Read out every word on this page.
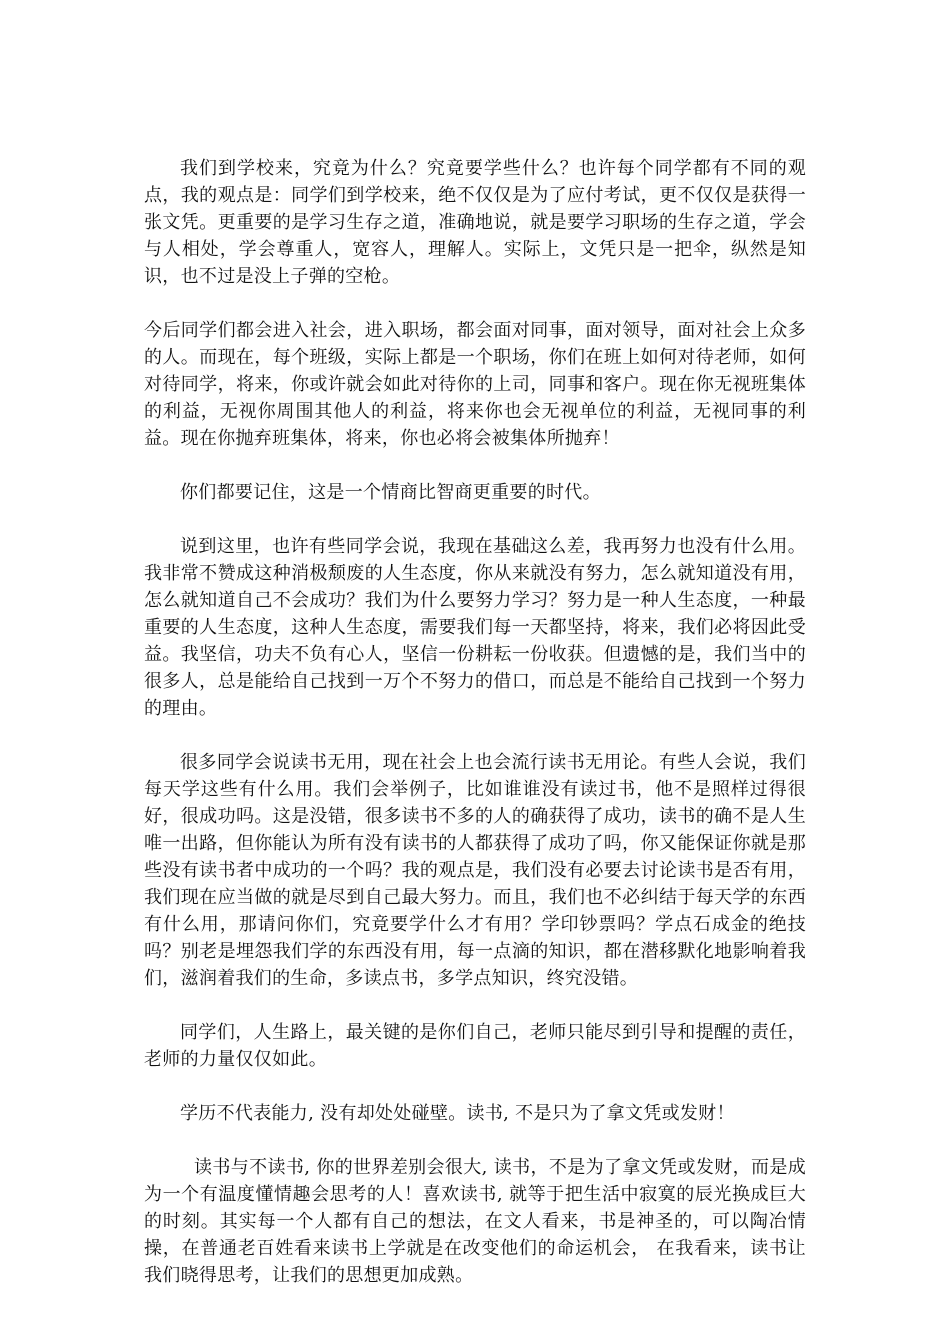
我们到学校来，究竟为什么？究竟要学些什么？也许每个同学都有不同的观点，我的观点是：同学们到学校来，绝不仅仅是为了应付考试，更不仅仅是获得一张文凭。更重要的是学习生存之道，准确地说，就是要学习职场的生存之道，学会与人相处，学会尊重人，宽容人，理解人。实际上，文凭只是一把伞，纵然是知识，也不过是没上子弹的空枪。

今后同学们都会进入社会，进入职场，都会面对同事，面对领导，面对社会上众多的人。而现在，每个班级，实际上都是一个职场，你们在班上如何对待老师，如何对待同学，将来，你或许就会如此对待你的上司，同事和客户。现在你无视班集体的利益，无视你周围其他人的利益，将来你也会无视单位的利益，无视同事的利益。现在你抛弃班集体，将来，你也必将会被集体所抛弃！

你们都要记住，这是一个情商比智商更重要的时代。

说到这里，也许有些同学会说，我现在基础这么差，我再努力也没有什么用。我非常不赞成这种消极颓废的人生态度，你从来就没有努力，怎么就知道没有用，怎么就知道自己不会成功？我们为什么要努力学习？努力是一种人生态度，一种最重要的人生态度，这种人生态度，需要我们每一天都坚持，将来，我们必将因此受益。我坚信，功夫不负有心人，坚信一份耕耘一份收获。但遗憾的是，我们当中的很多人，总是能给自己找到一万个不努力的借口，而总是不能给自己找到一个努力的理由。

很多同学会说读书无用，现在社会上也会流行读书无用论。有些人会说，我们每天学这些有什么用。我们会举例子，比如谁谁没有读过书，他不是照样过得很好，很成功吗。这是没错，很多读书不多的人的确获得了成功，读书的确不是人生唯一出路，但你能认为所有没有读书的人都获得了成功了吗，你又能保证你就是那些没有读书者中成功的一个吗？我的观点是，我们没有必要去讨论读书是否有用，我们现在应当做的就是尽到自己最大努力。而且，我们也不必纠结于每天学的东西有什么用，那请问你们，究竟要学什么才有用？学印钞票吗？学点石成金的绝技吗？别老是埋怨我们学的东西没有用，每一点滴的知识，都在潜移默化地影响着我们，滋润着我们的生命，多读点书，多学点知识，终究没错。

同学们，人生路上，最关键的是你们自己，老师只能尽到引导和提醒的责任，老师的力量仅仅如此。

学历不代表能力, 没有却处处碰壁。读书, 不是只为了拿文凭或发财！

读书与不读书, 你的世界差别会很大, 读书，不是为了拿文凭或发财，而是成为一个有温度懂情趣会思考的人！喜欢读书, 就等于把生活中寂寞的辰光换成巨大的时刻。其实每一个人都有自己的想法，在文人看来，书是神圣的，可以陶冶情操，在普通老百姓看来读书上学就是在改变他们的命运机会， 在我看来，读书让我们晓得思考，让我们的思想更加成熟。
